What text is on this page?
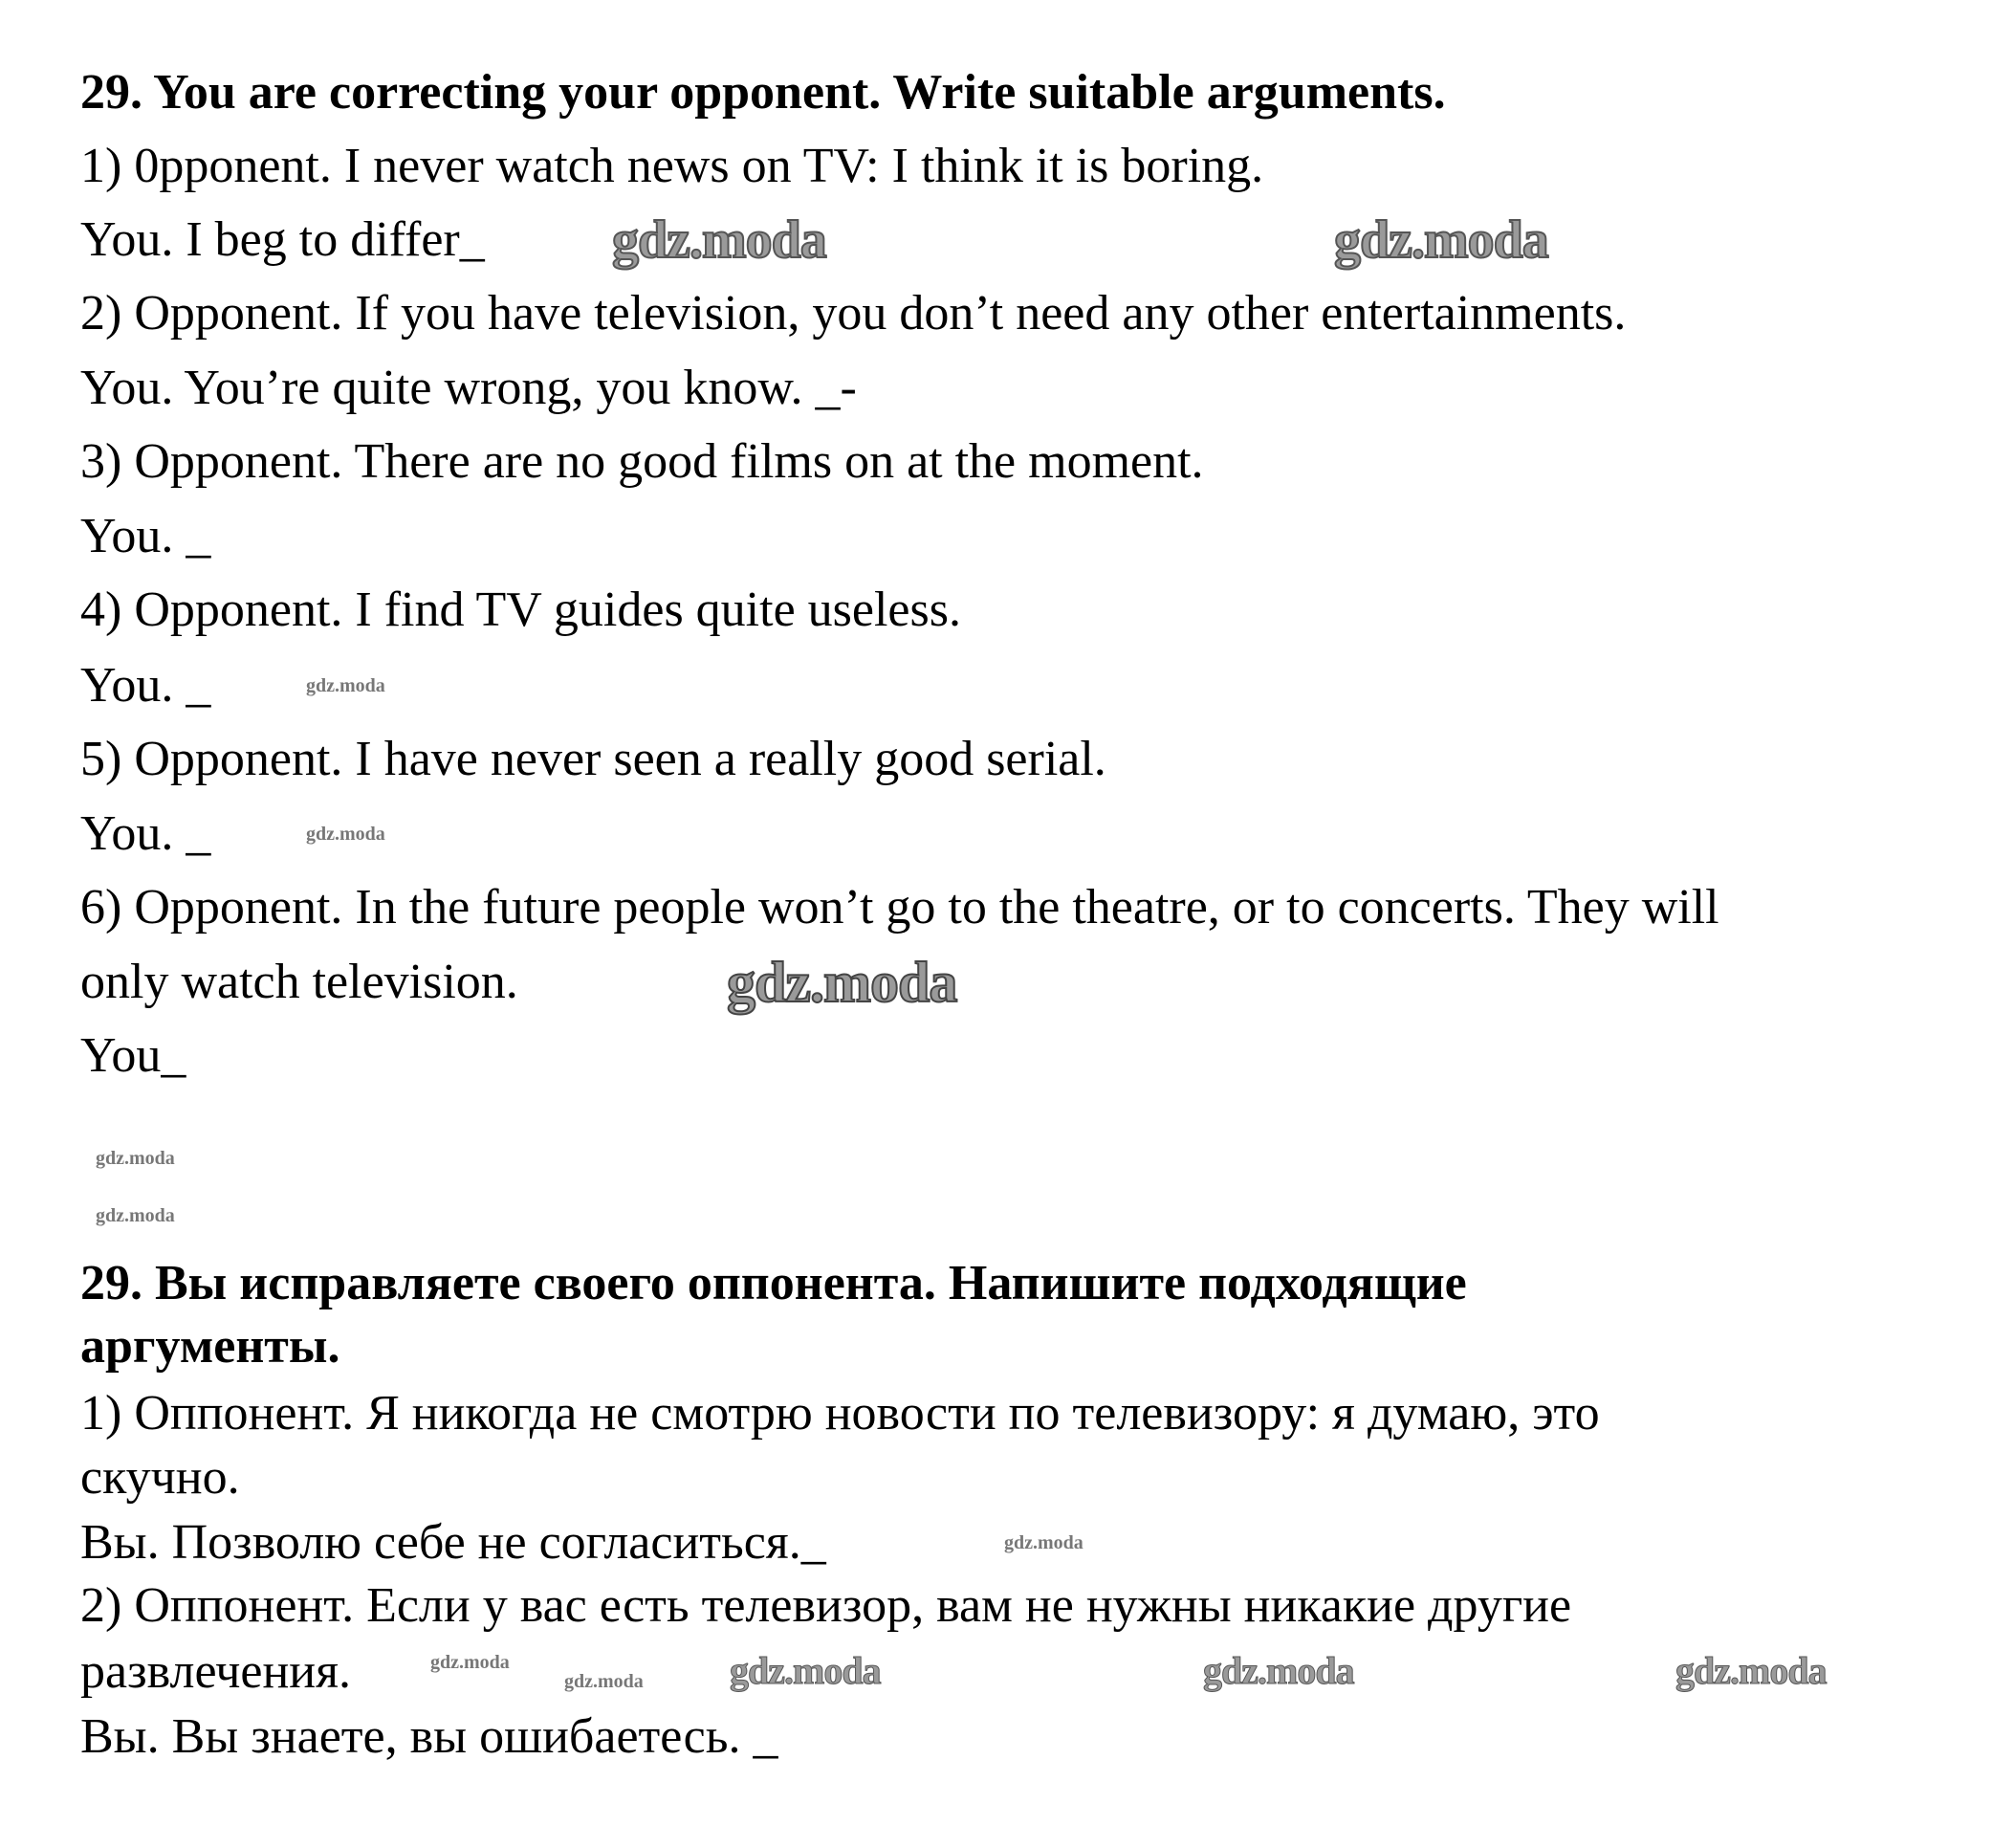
29. You are correcting your opponent. Write suitable arguments.
1) 0pponent. I never watch news on TV: I think it is boring.
You. I beg to differ_
2) Opponent. If you have television, you don’t need any other entertainments.
You. You’re quite wrong, you know. _-
3) Opponent. There are no good films on at the moment.
You. _
4) Opponent. I find TV guides quite useless.
You. _
5) Opponent. I have never seen a really good serial.
You. _
6) Opponent. In the future people won’t go to the theatre, or to concerts. They will
only watch television.
You_
29. Вы исправляете своего оппонента. Напишите подходящие
аргументы.
1) Оппонент. Я никогда не смотрю новости по телевизору: я думаю, это
скучно.
Вы. Позволю себе не согласиться._
2) Оппонент. Если у вас есть телевизор, вам не нужны никакие другие
развлечения.
Вы. Вы знаете, вы ошибаетесь. _
gdz.moda	gdz.moda
gdz.moda
gdz.moda
gdz.moda
gdz.moda
gdz.moda
gdz.moda
gdz.moda
gdz.moda gdz.moda	gdz.moda	gdz.moda
